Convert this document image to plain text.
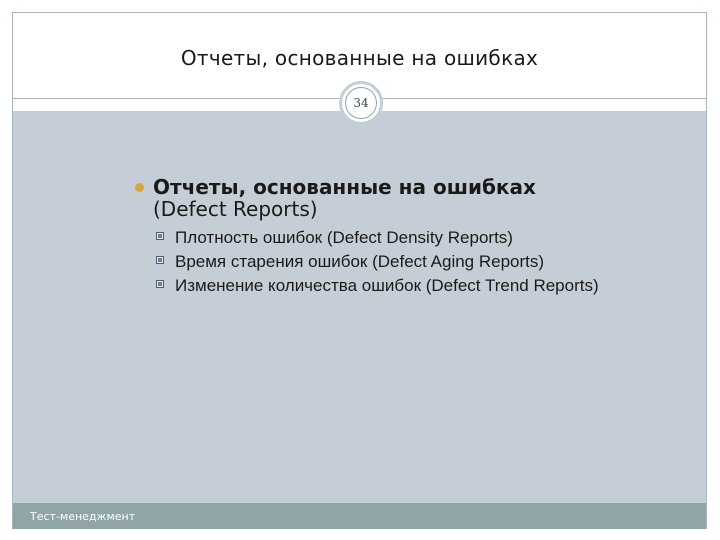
Отчеты, основанные на ошибках
34
Отчеты, основанные на ошибках
(Defect Reports)
Плотность ошибок (Defect Density Reports)
Время старения ошибок (Defect Aging Reports)
Изменение количества ошибок (Defect Trend Reports)
Тест-менеджмент
